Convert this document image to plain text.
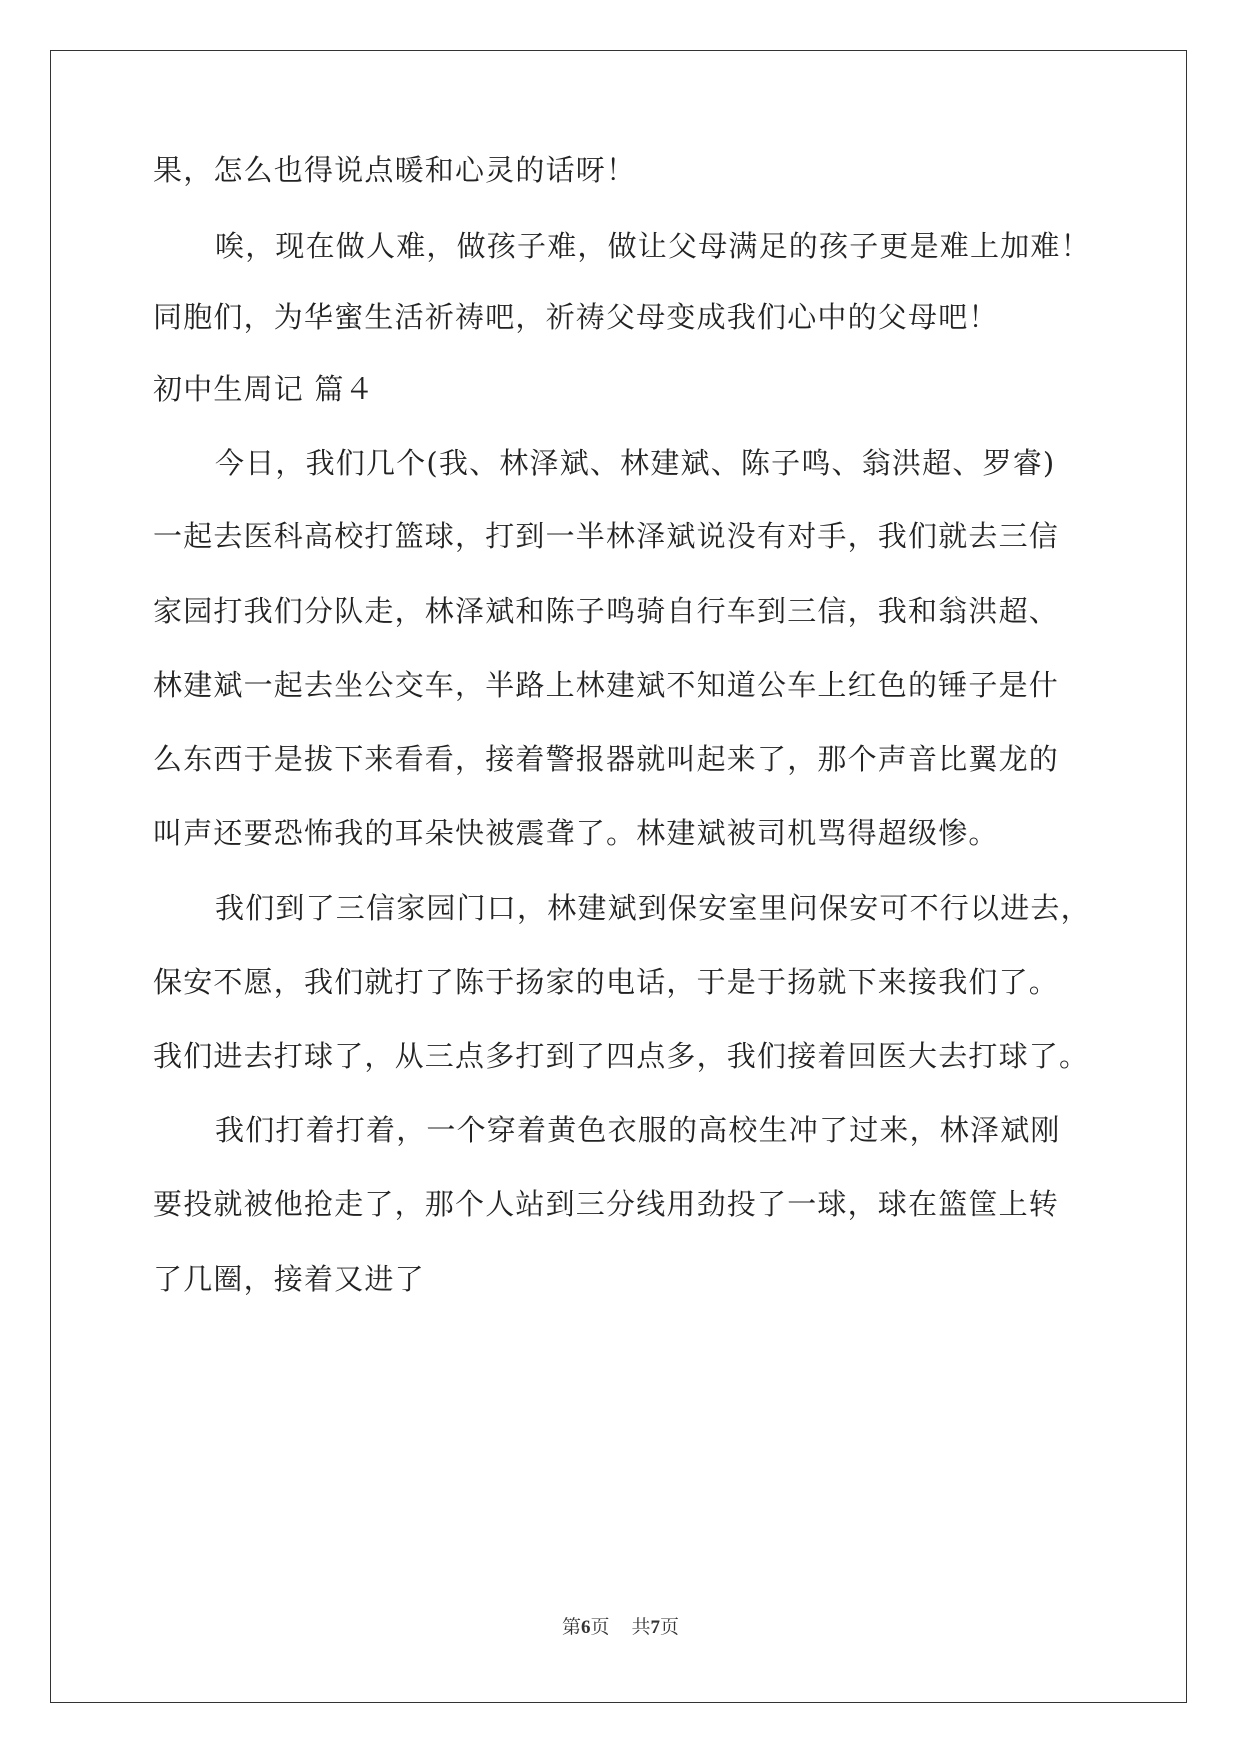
果，怎么也得说点暖和心灵的话呀！
唉，现在做人难，做孩子难，做让父母满足的孩子更是难上加难！
同胞们，为华蜜生活祈祷吧，祈祷父母变成我们心中的父母吧！
初中生周记 篇４
今日，我们几个(我、林泽斌、林建斌、陈子鸣、翁洪超、罗睿)
一起去医科高校打篮球，打到一半林泽斌说没有对手，我们就去三信
家园打我们分队走，林泽斌和陈子鸣骑自行车到三信，我和翁洪超、
林建斌一起去坐公交车，半路上林建斌不知道公车上红色的锤子是什
么东西于是拔下来看看，接着警报器就叫起来了，那个声音比翼龙的
叫声还要恐怖我的耳朵快被震聋了。林建斌被司机骂得超级惨。
我们到了三信家园门口，林建斌到保安室里问保安可不行以进去，
保安不愿，我们就打了陈于扬家的电话，于是于扬就下来接我们了。
我们进去打球了，从三点多打到了四点多，我们接着回医大去打球了。
我们打着打着，一个穿着黄色衣服的高校生冲了过来，林泽斌刚
要投就被他抢走了，那个人站到三分线用劲投了一球，球在篮筐上转
了几圈，接着又进了
第6页 共7页
